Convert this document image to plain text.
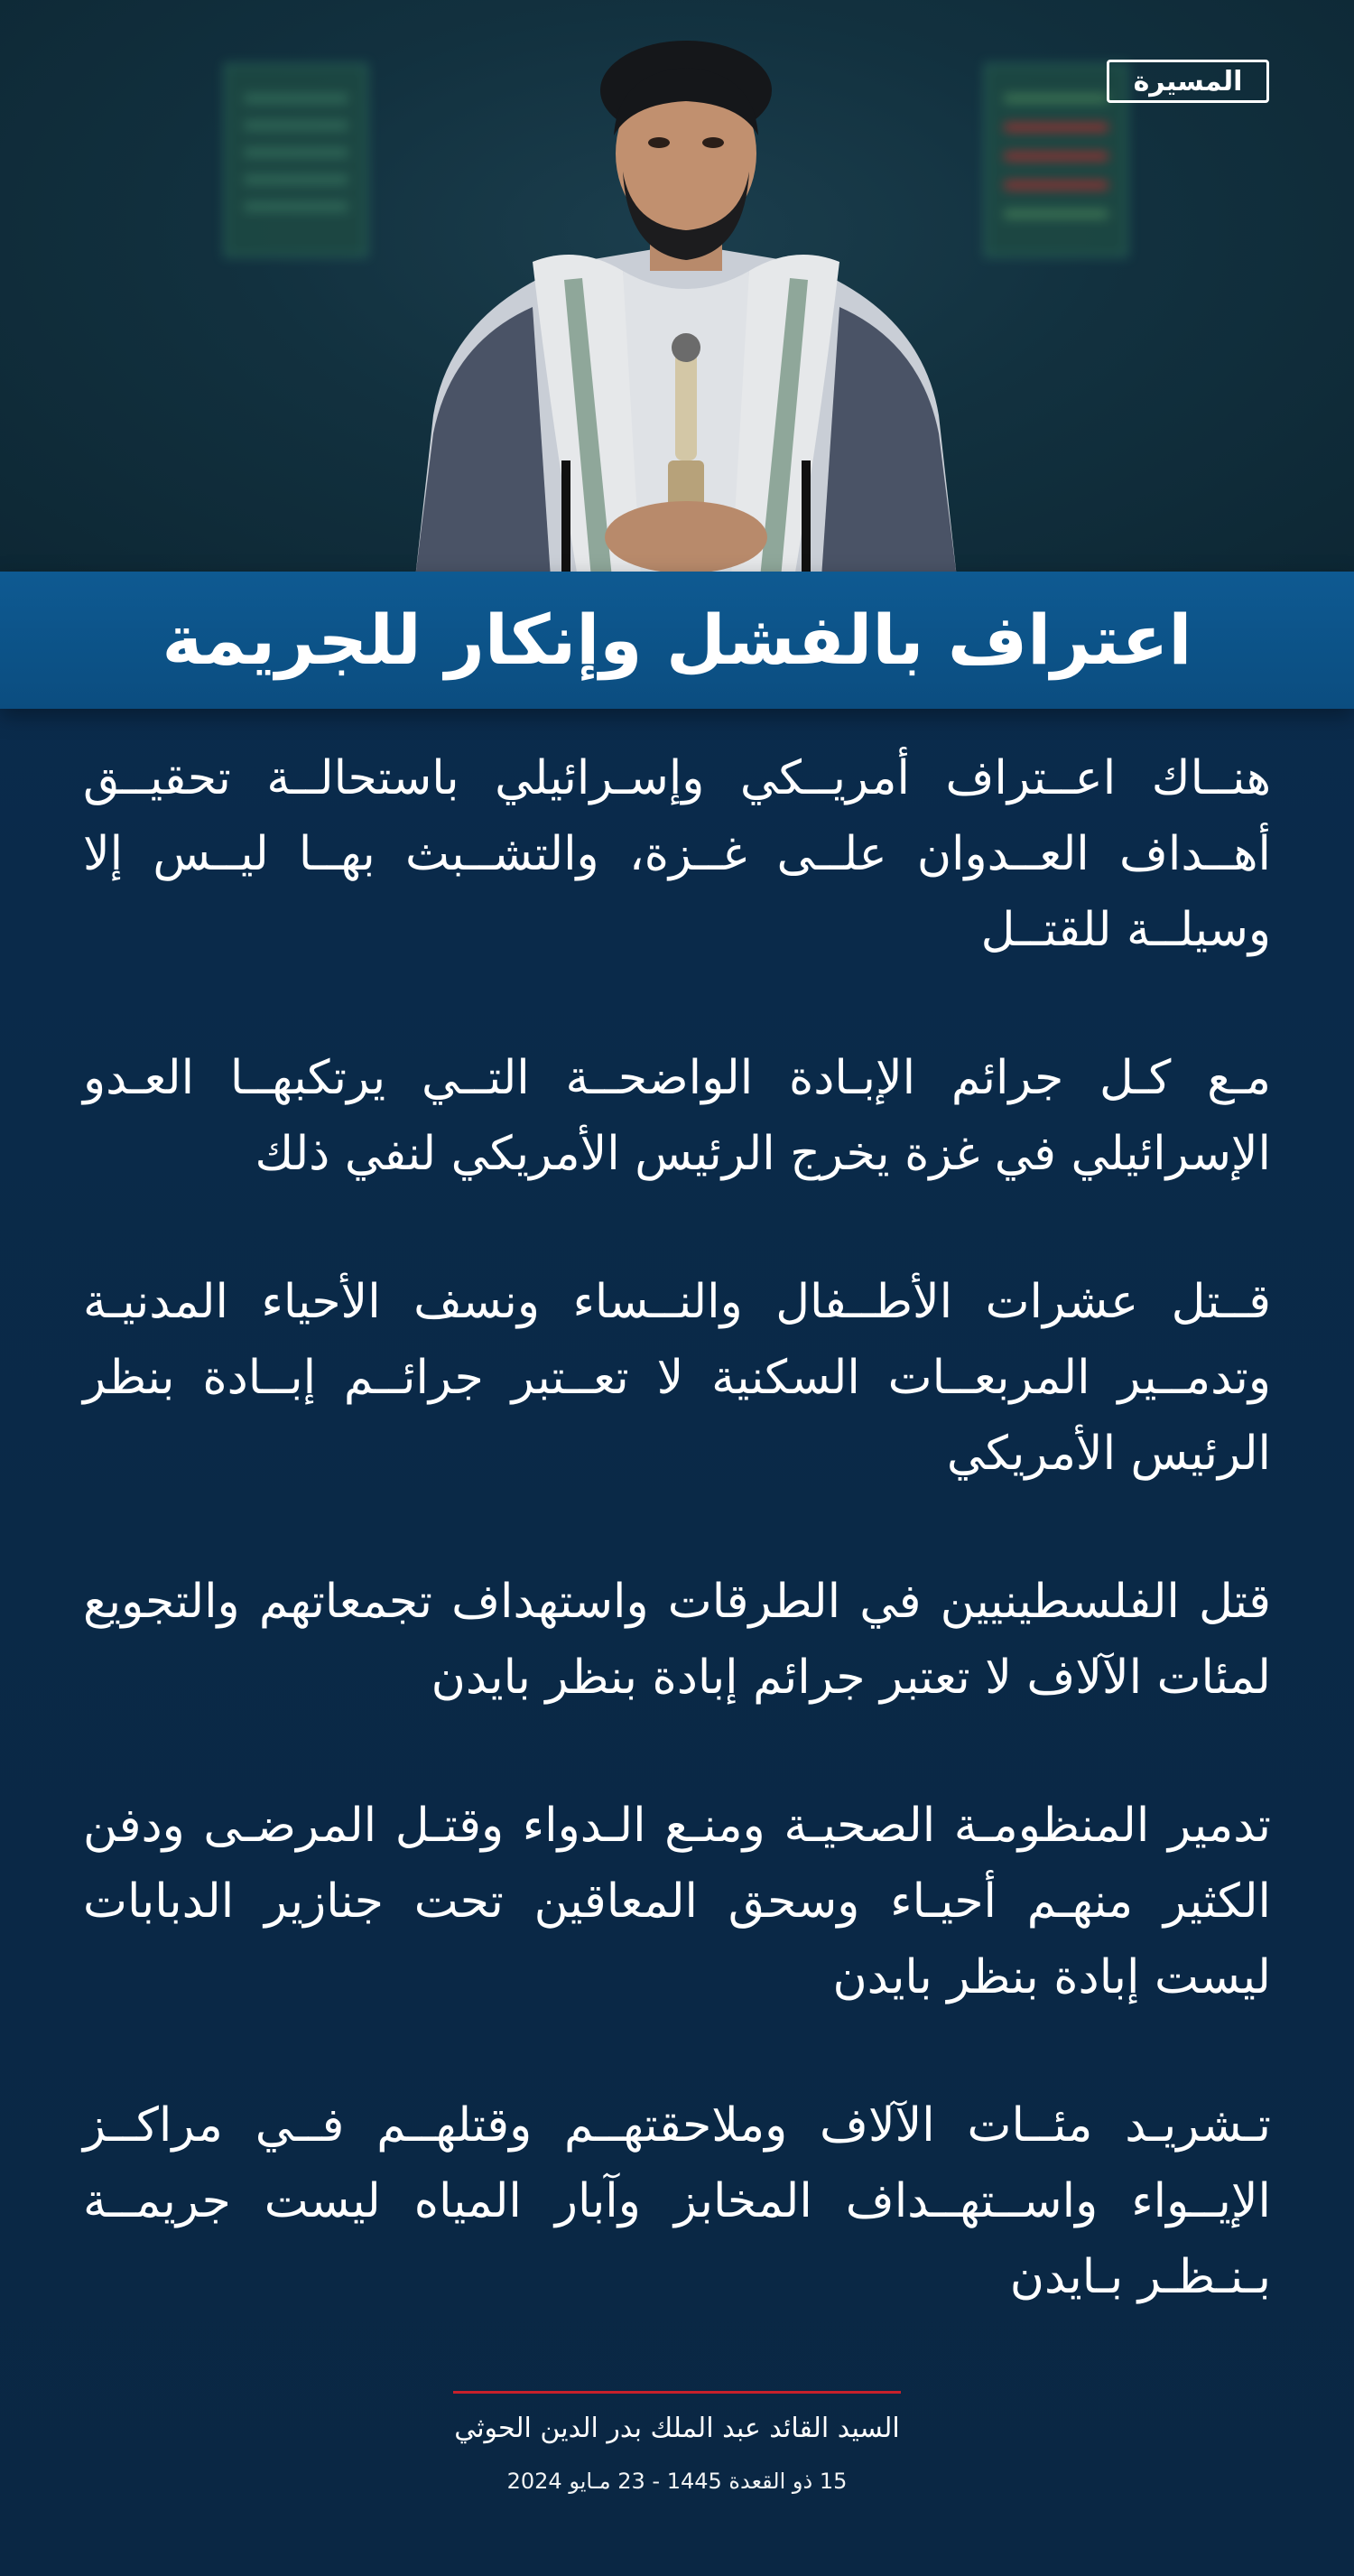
المسيرة
اعتراف بالفشل وإنكار للجريمة

هنــاك اعــتراف أمريــكي وإسـرائيلي باستحالــة تحقيــق أهــداف العــدوان علــى غــزة، والتشــبث بهــا ليــس إلا وسيلــة للقتــل

مـع كـل جرائم الإبـادة الواضحــة التــي يرتكبهــا العـدو الإسرائيلي في غزة يخرج الرئيس الأمريكي لنفي ذلك

قــتل عشرات الأطــفال والنــساء ونسف الأحياء المدنيـة وتدمــير المربعــات السكنية لا تعــتبر جرائــم إبــادة بنظر الرئيس الأمريكي

قتل الفلسطينيين في الطرقات واستهداف تجمعاتهم والتجويع لمئات الآلاف لا تعتبر جرائم إبادة بنظر بايدن

تدمير المنظومـة الصحيـة ومنـع الـدواء وقتـل المرضـى ودفن الكثير منهـم أحيـاء وسحق المعاقين تحت جنازير الدبابات ليست إبادة بنظر بايدن

تـشريـد مئــات الآلاف وملاحقتهــم وقتلهــم فــي مراكــز الإيــواء واســتهــداف المخابز وآبار المياه ليست جريمــة بـنـظـر بـايدن

السيد القائد عبد الملك بدر الدين الحوثي
15 ذو القعدة 1445 - 23 مـايو 2024
